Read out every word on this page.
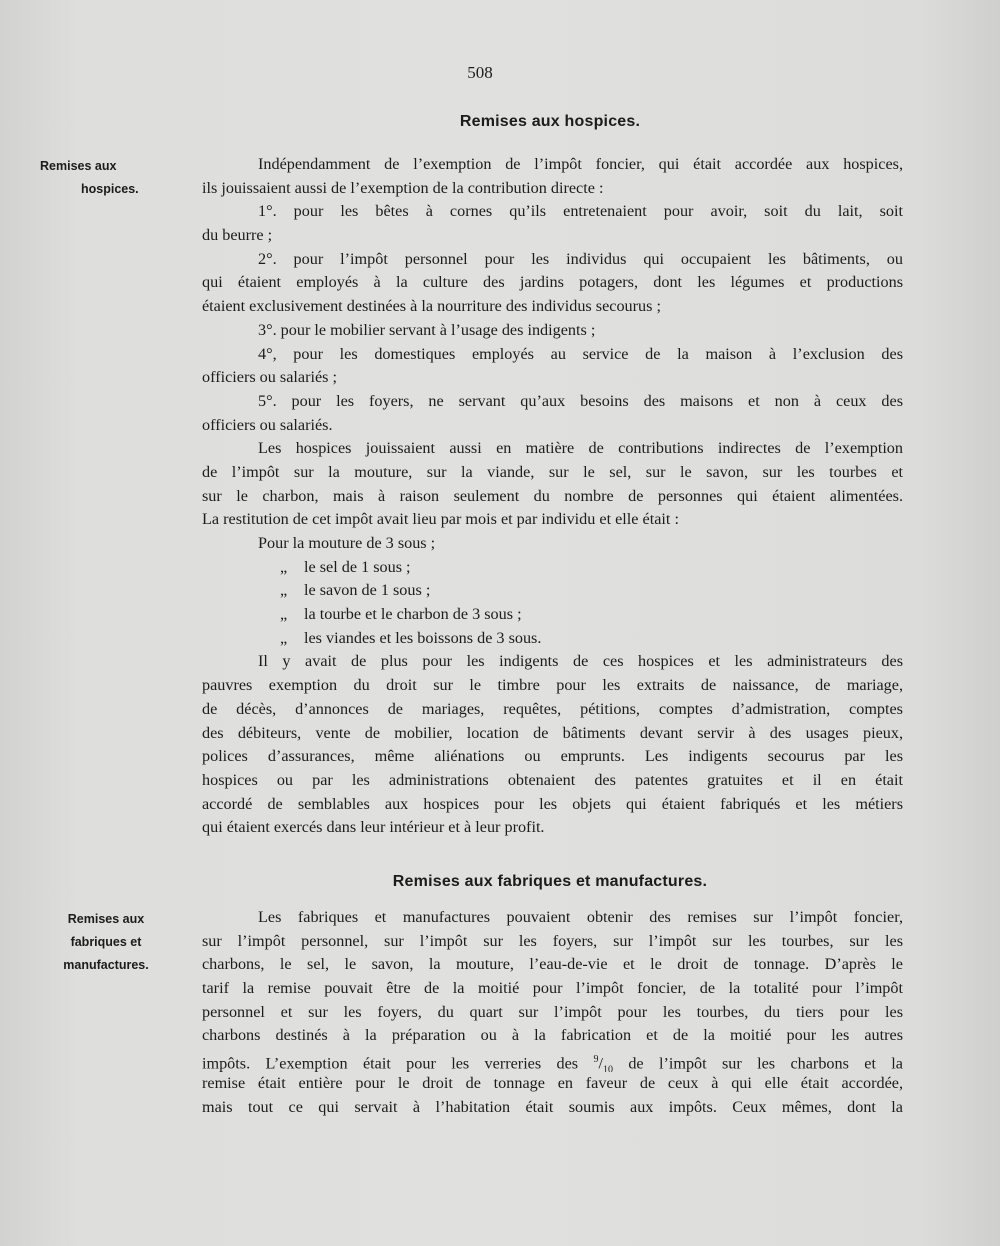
508
Remises aux hospices.
Remises aux
hospices.
Indépendamment de l’exemption de l’impôt foncier, qui était accordée aux hospices,
ils jouissaient aussi de l’exemption de la contribution directe :
1°. pour les bêtes à cornes qu’ils entretenaient pour avoir, soit du lait, soit
du beurre ;
2°. pour l’impôt personnel pour les individus qui occupaient les bâtiments, ou
qui étaient employés à la culture des jardins potagers, dont les légumes et productions
étaient exclusivement destinées à la nourriture des individus secourus ;
3°. pour le mobilier servant à l’usage des indigents ;
4°, pour les domestiques employés au service de la maison à l’exclusion des
officiers ou salariés ;
5°. pour les foyers, ne servant qu’aux besoins des maisons et non à ceux des
officiers ou salariés.
Les hospices jouissaient aussi en matière de contributions indirectes de l’exemption
de l’impôt sur la mouture, sur la viande, sur le sel, sur le savon, sur les tourbes et
sur le charbon, mais à raison seulement du nombre de personnes qui étaient alimentées.
La restitution de cet impôt avait lieu par mois et par individu et elle était :
Pour la mouture de 3 sous ;
„ le sel de 1 sous ;
„ le savon de 1 sous ;
„ la tourbe et le charbon de 3 sous ;
„ les viandes et les boissons de 3 sous.
Il y avait de plus pour les indigents de ces hospices et les administrateurs des
pauvres exemption du droit sur le timbre pour les extraits de naissance, de mariage,
de décès, d’annonces de mariages, requêtes, pétitions, comptes d’admistration, comptes
des débiteurs, vente de mobilier, location de bâtiments devant servir à des usages pieux,
polices d’assurances, même aliénations ou emprunts. Les indigents secourus par les
hospices ou par les administrations obtenaient des patentes gratuites et il en était
accordé de semblables aux hospices pour les objets qui étaient fabriqués et les métiers
qui étaient exercés dans leur intérieur et à leur profit.
Remises aux fabriques et manufactures.
Remises aux
fabriques et
manufactures.
Les fabriques et manufactures pouvaient obtenir des remises sur l’impôt foncier,
sur l’impôt personnel, sur l’impôt sur les foyers, sur l’impôt sur les tourbes, sur les
charbons, le sel, le savon, la mouture, l’eau-de-vie et le droit de tonnage. D’après le
tarif la remise pouvait être de la moitié pour l’impôt foncier, de la totalité pour l’impôt
personnel et sur les foyers, du quart sur l’impôt pour les tourbes, du tiers pour les
charbons destinés à la préparation ou à la fabrication et de la moitié pour les autres
impôts. L’exemption était pour les verreries des $^9/_{10}$ de l’impôt sur les charbons et la
remise était entière pour le droit de tonnage en faveur de ceux à qui elle était accordée,
mais tout ce qui servait à l’habitation était soumis aux impôts. Ceux mêmes, dont la
